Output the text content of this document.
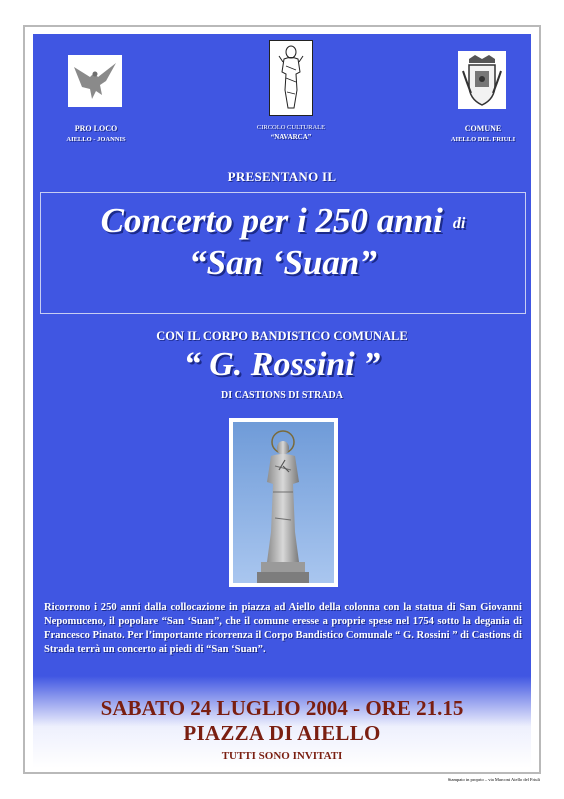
PRO LOCO
AIELLO - JOANNIS
CIRCOLO CULTURALE
“NAVARCA”
COMUNE
AIELLO DEL FRIULI
PRESENTANO IL
Concerto per i 250 anni di
“San ‘Suan”
CON IL CORPO BANDISTICO COMUNALE
“ G. Rossini ”
DI CASTIONS DI STRADA
Ricorrono i 250 anni dalla collocazione in piazza ad Aiello della colonna con la statua di San Giovanni Nepomuceno, il popolare “San ‘Suan”, che il comune eresse a proprie spese nel 1754 sotto la degania di Francesco Pinato. Per l’importante ricorrenza il Corpo Bandistico Comunale “ G. Rossini ” di Castions di Strada terrà un concerto ai piedi di “San ‘Suan”.
SABATO 24 LUGLIO 2004 - ORE 21.15
PIAZZA DI AIELLO
TUTTI SONO INVITATI
Stampato in proprio – via Marconi Aiello del Friuli
